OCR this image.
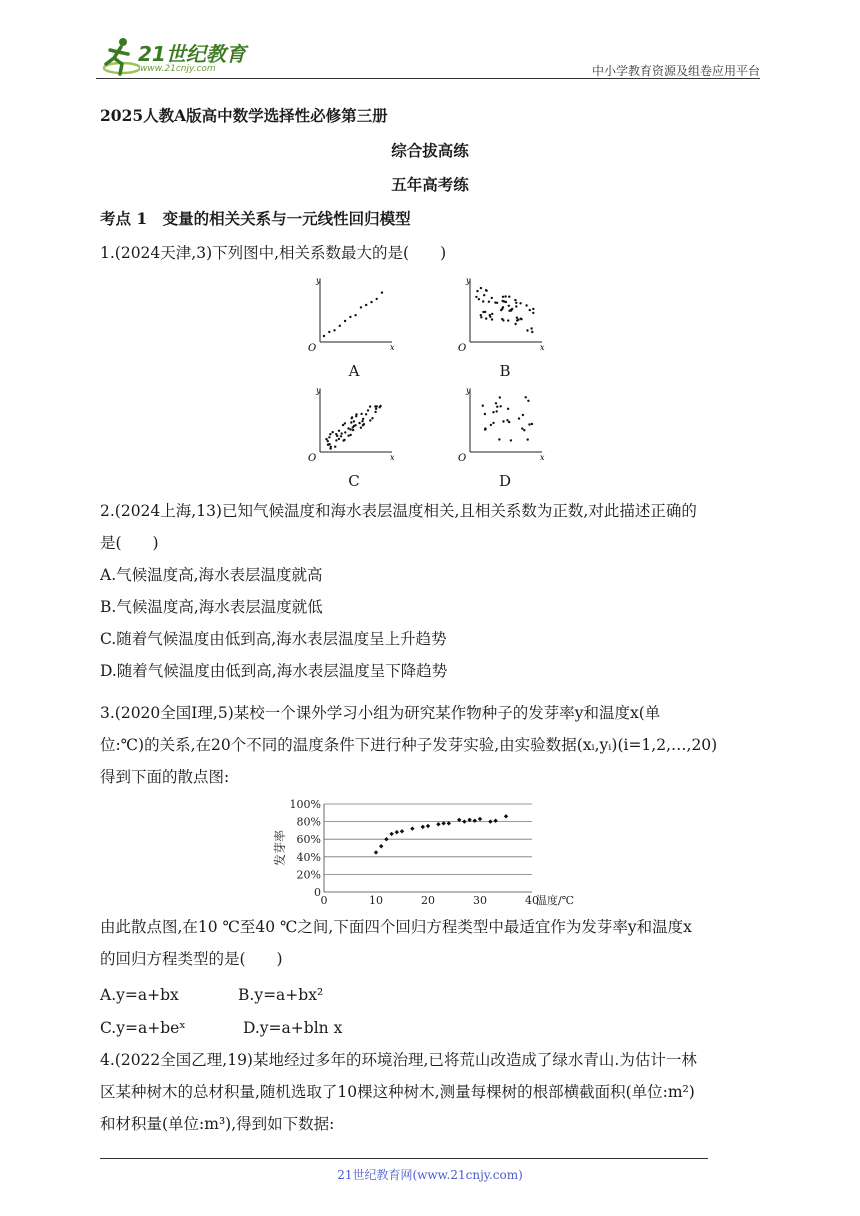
21世纪教育
www.21cnjy.com	中小学教育资源及组卷应用平台
2025人教A版高中数学选择性必修第三册
综合拔高练
五年高考练
考点 1　变量的相关关系与一元线性回归模型
1.(2024天津,3)下列图中,相关系数最大的是(　　)
y
x
O
y
x
O
y
x
O
y
x
O
A	B
C	D
2.(2024上海,13)已知气候温度和海水表层温度相关,且相关系数为正数,对此描述正确的
是(　　)
A.气候温度高,海水表层温度就高
B.气候温度高,海水表层温度就低
C.随着气候温度由低到高,海水表层温度呈上升趋势
D.随着气候温度由低到高,海水表层温度呈下降趋势
3.(2020全国Ⅰ理,5)某校一个课外学习小组为研究某作物种子的发芽率y和温度x(单
位:℃)的关系,在20个不同的温度条件下进行种子发芽实验,由实验数据(xᵢ,yᵢ)(i=1,2,…,20)
得到下面的散点图:
0
20%
40%
60%
80%
100%
0	10	20	30	40
温度/℃
发芽率
由此散点图,在10 ℃至40 ℃之间,下面四个回归方程类型中最适宜作为发芽率y和温度x
的回归方程类型的是(　　)
A.y=a+bx	B.y=a+bx²
C.y=a+beˣ	D.y=a+bln x
4.(2022全国乙理,19)某地经过多年的环境治理,已将荒山改造成了绿水青山.为估计一林
区某种树木的总材积量,随机选取了10棵这种树木,测量每棵树的根部横截面积(单位:m²)
和材积量(单位:m³),得到如下数据:
21世纪教育网(www.21cnjy.com)
